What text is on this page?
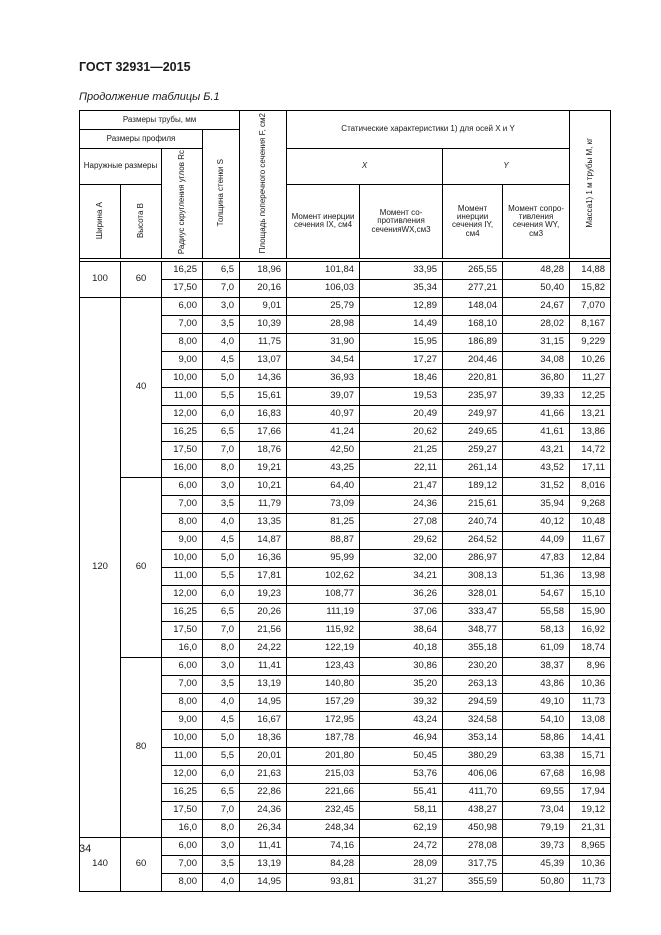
ГОСТ 32931—2015
Продолжение таблицы Б.1
Размеры трубы, мм				Площадь поперечного сечения F, см2	Статические характеристики 1) для осей X и Y				Масса1) 1 м трубы M, кг
Размеры профиля			Толщина стенки S						
Наружные размеры		Радиус скругления углов Rc			X		Y		
Ширина A	Высота B				Момент инерции сечения IX, см4	Момент со-противления сеченияWX,см3	Момент инерции сечения IY, см4	Момент сопро-тивления сечения WY, см3	

100	60	16,25	6,5	18,96	101,84	33,95	265,55	48,28	14,88
		17,50	7,0	20,16	106,03	35,34	277,21	50,40	15,82
120	40	6,00	3,0	9,01	25,79	12,89	148,04	24,67	7,070
		7,00	3,5	10,39	28,98	14,49	168,10	28,02	8,167
		8,00	4,0	11,75	31,90	15,95	186,89	31,15	9,229
		9,00	4,5	13,07	34,54	17,27	204,46	34,08	10,26
		10,00	5,0	14,36	36,93	18,46	220,81	36,80	11,27
		11,00	5,5	15,61	39,07	19,53	235,97	39,33	12,25
		12,00	6,0	16,83	40,97	20,49	249,97	41,66	13,21
		16,25	6,5	17,66	41,24	20,62	249,65	41,61	13,86
		17,50	7,0	18,76	42,50	21,25	259,27	43,21	14,72
		16,00	8,0	19,21	43,25	22,11	261,14	43,52	17,11
	60	6,00	3,0	10,21	64,40	21,47	189,12	31,52	8,016
		7,00	3,5	11,79	73,09	24,36	215,61	35,94	9,268
		8,00	4,0	13,35	81,25	27,08	240,74	40,12	10,48
		9,00	4,5	14,87	88,87	29,62	264,52	44,09	11,67
		10,00	5,0	16,36	95,99	32,00	286,97	47,83	12,84
		11,00	5,5	17,81	102,62	34,21	308,13	51,36	13,98
		12,00	6,0	19,23	108,77	36,26	328,01	54,67	15,10
		16,25	6,5	20,26	111,19	37,06	333,47	55,58	15,90
		17,50	7,0	21,56	115,92	38,64	348,77	58,13	16,92
		16,0	8,0	24,22	122,19	40,18	355,18	61,09	18,74
	80	6,00	3,0	11,41	123,43	30,86	230,20	38,37	8,96
		7,00	3,5	13,19	140,80	35,20	263,13	43,86	10,36
		8,00	4,0	14,95	157,29	39,32	294,59	49,10	11,73
		9,00	4,5	16,67	172,95	43,24	324,58	54,10	13,08
		10,00	5,0	18,36	187,78	46,94	353,14	58,86	14,41
		11,00	5,5	20,01	201,80	50,45	380,29	63,38	15,71
		12,00	6,0	21,63	215,03	53,76	406,06	67,68	16,98
		16,25	6,5	22,86	221,66	55,41	411,70	69,55	17,94
		17,50	7,0	24,36	232,45	58,11	438,27	73,04	19,12
		16,0	8,0	26,34	248,34	62,19	450,98	79,19	21,31
140	60	6,00	3,0	11,41	74,16	24,72	278,08	39,73	8,965
		7,00	3,5	13,19	84,28	28,09	317,75	45,39	10,36
		8,00	4,0	14,95	93,81	31,27	355,59	50,80	11,73
34
